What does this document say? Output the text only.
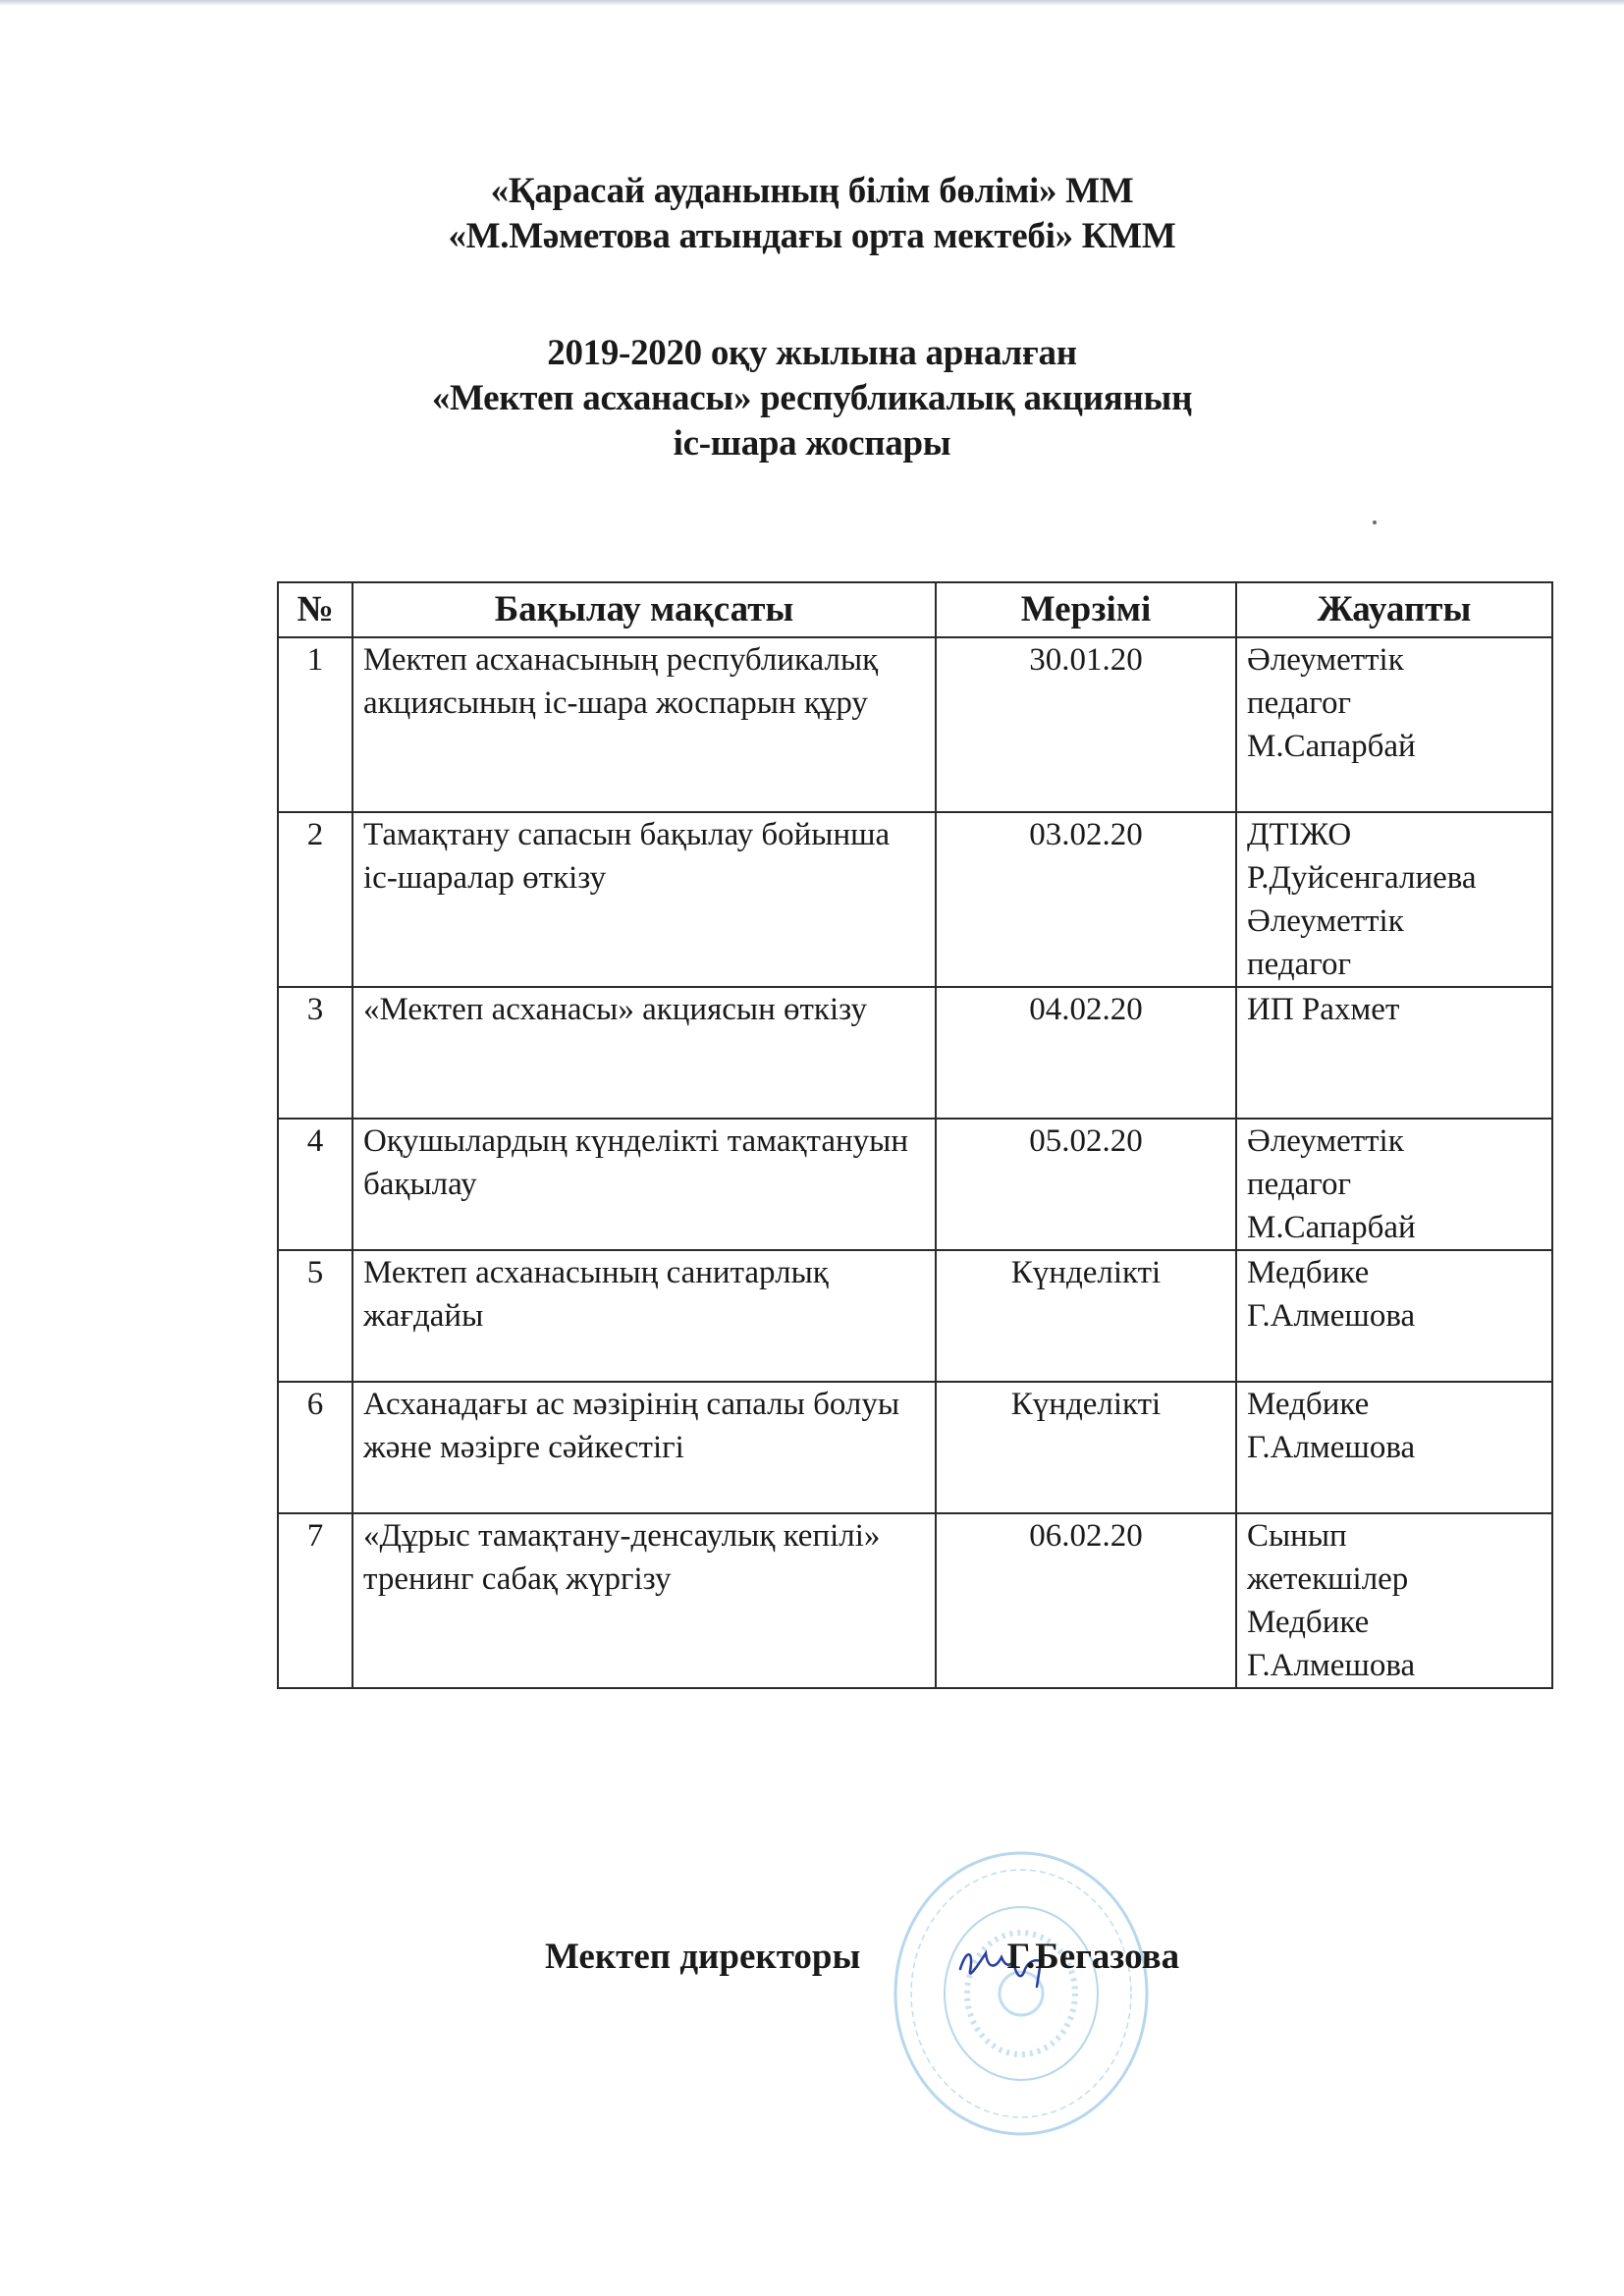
«Қарасай ауданының білім бөлімі» ММ
«М.Мәметова атындағы орта мектебі» КММ
2019-2020 оқу жылына арналған
«Мектеп асханасы» республикалық акцияның
іс-шара жоспары
№	Бақылау мақсаты	Мерзімі	Жауапты
1	Мектеп асханасының республикалық акциясының іс-шара жоспарын құру	30.01.20	Әлеуметтік
педагог
М.Сапарбай

2	Тамақтану сапасын бақылау бойынша іс-шаралар өткізу	03.02.20	ДТІЖО
Р.Дуйсенгалиева
Әлеуметтік
педагог

3	«Мектеп асханасы» акциясын өткізу	04.02.20	ИП Рахмет

4	Оқушылардың күнделікті тамақтануын бақылау	05.02.20	Әлеуметтік
педагог
М.Сапарбай

5	Мектеп асханасының санитарлық жағдайы	Күнделікті	Медбике
Г.Алмешова

6	Асханадағы ас мәзірінің сапалы болуы және мәзірге сәйкестігі	Күнделікті	Медбике
Г.Алмешова

7	«Дұрыс тамақтану-денсаулық кепілі» тренинг сабақ жүргізу	06.02.20	Сынып
жетекшілер
Медбике
Г.Алмешова
Мектеп директоры	Г.Бегазова
